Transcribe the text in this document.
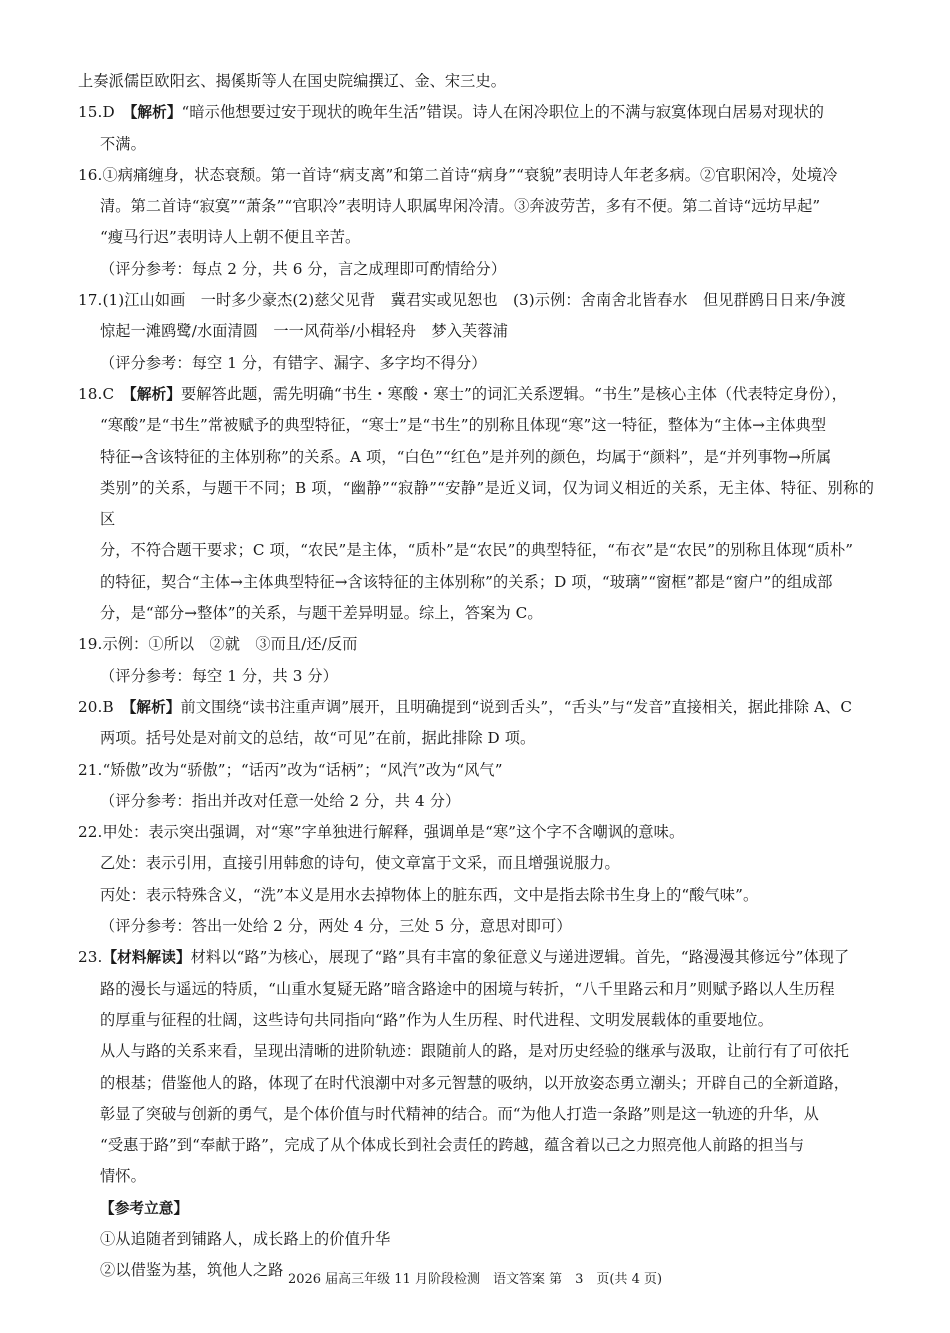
上奏派儒臣欧阳玄、揭傒斯等人在国史院编撰辽、金、宋三史。

15.D　 【解析】“暗示他想要过安于现状的晚年生活”错误。诗人在闲冷职位上的不满与寂寞体现白居易对现状的

不满。

16.①病痛缠身，状态衰颓。第一首诗“病支离”和第二首诗“病身”“衰貌”表明诗人年老多病。②官职闲冷，处境冷

清。第二首诗“寂寞”“萧条”“官职冷”表明诗人职属卑闲冷清。③奔波劳苦，多有不便。第二首诗“远坊早起”

“瘦马行迟”表明诗人上朝不便且辛苦。

（评分参考：每点 2 分，共 6 分，言之成理即可酌情给分）

17.(1)江山如画　一时多少豪杰(2)慈父见背　冀君实或见恕也　(3)示例：舍南舍北皆春水　但见群鸥日日来/争渡

惊起一滩鸥鹭/水面清圆　一一风荷举/小楫轻舟　梦入芙蓉浦

（评分参考：每空 1 分，有错字、漏字、多字均不得分）

18.C　 【解析】要解答此题，需先明确“书生・寒酸・寒士”的词汇关系逻辑。“书生”是核心主体（代表特定身份），

“寒酸”是“书生”常被赋予的典型特征，“寒士”是“书生”的别称且体现“寒”这一特征，整体为“主体→主体典型

特征→含该特征的主体别称”的关系。A 项，“白色”“红色”是并列的颜色，均属于“颜料”，是“并列事物→所属

类别”的关系，与题干不同；B 项，“幽静”“寂静”“安静”是近义词，仅为词义相近的关系，无主体、特征、别称的区

分，不符合题干要求；C 项，“农民”是主体，“质朴”是“农民”的典型特征，“布衣”是“农民”的别称且体现“质朴”

的特征，契合“主体→主体典型特征→含该特征的主体别称”的关系；D 项，“玻璃”“窗框”都是“窗户”的组成部

分，是“部分→整体”的关系，与题干差异明显。综上，答案为 C。

19.示例：①所以　②就　③而且/还/反而

（评分参考：每空 1 分，共 3 分）

20.B　 【解析】前文围绕“读书注重声调”展开，且明确提到“说到舌头”，“舌头”与“发音”直接相关，据此排除 A、C

两项。括号处是对前文的总结，故“可见”在前，据此排除 D 项。

21.“矫傲”改为“骄傲”；“话丙”改为“话柄”；“风汽”改为“风气”

（评分参考：指出并改对任意一处给 2 分，共 4 分）

22.甲处：表示突出强调，对“寒”字单独进行解释，强调单是“寒”这个字不含嘲讽的意味。

乙处：表示引用，直接引用韩愈的诗句，使文章富于文采，而且增强说服力。

丙处：表示特殊含义，“洗”本义是用水去掉物体上的脏东西，文中是指去除书生身上的“酸气味”。

（评分参考：答出一处给 2 分，两处 4 分，三处 5 分，意思对即可）

23.【材料解读】材料以“路”为核心，展现了“路”具有丰富的象征意义与递进逻辑。首先，“路漫漫其修远兮”体现了

路的漫长与遥远的特质，“山重水复疑无路”暗含路途中的困境与转折，“八千里路云和月”则赋予路以人生历程

的厚重与征程的壮阔，这些诗句共同指向“路”作为人生历程、时代进程、文明发展载体的重要地位。

从人与路的关系来看，呈现出清晰的进阶轨迹：跟随前人的路，是对历史经验的继承与汲取，让前行有了可依托

的根基；借鉴他人的路，体现了在时代浪潮中对多元智慧的吸纳，以开放姿态勇立潮头；开辟自己的全新道路，

彰显了突破与创新的勇气，是个体价值与时代精神的结合。而“为他人打造一条路”则是这一轨迹的升华，从

“受惠于路”到“奉献于路”，完成了从个体成长到社会责任的跨越，蕴含着以己之力照亮他人前路的担当与

情怀。

【参考立意】

①从追随者到铺路人，成长路上的价值升华

②以借鉴为基，筑他人之路

2026 届高三年级 11 月阶段检测　语文答案 第　3　页(共 4 页)
